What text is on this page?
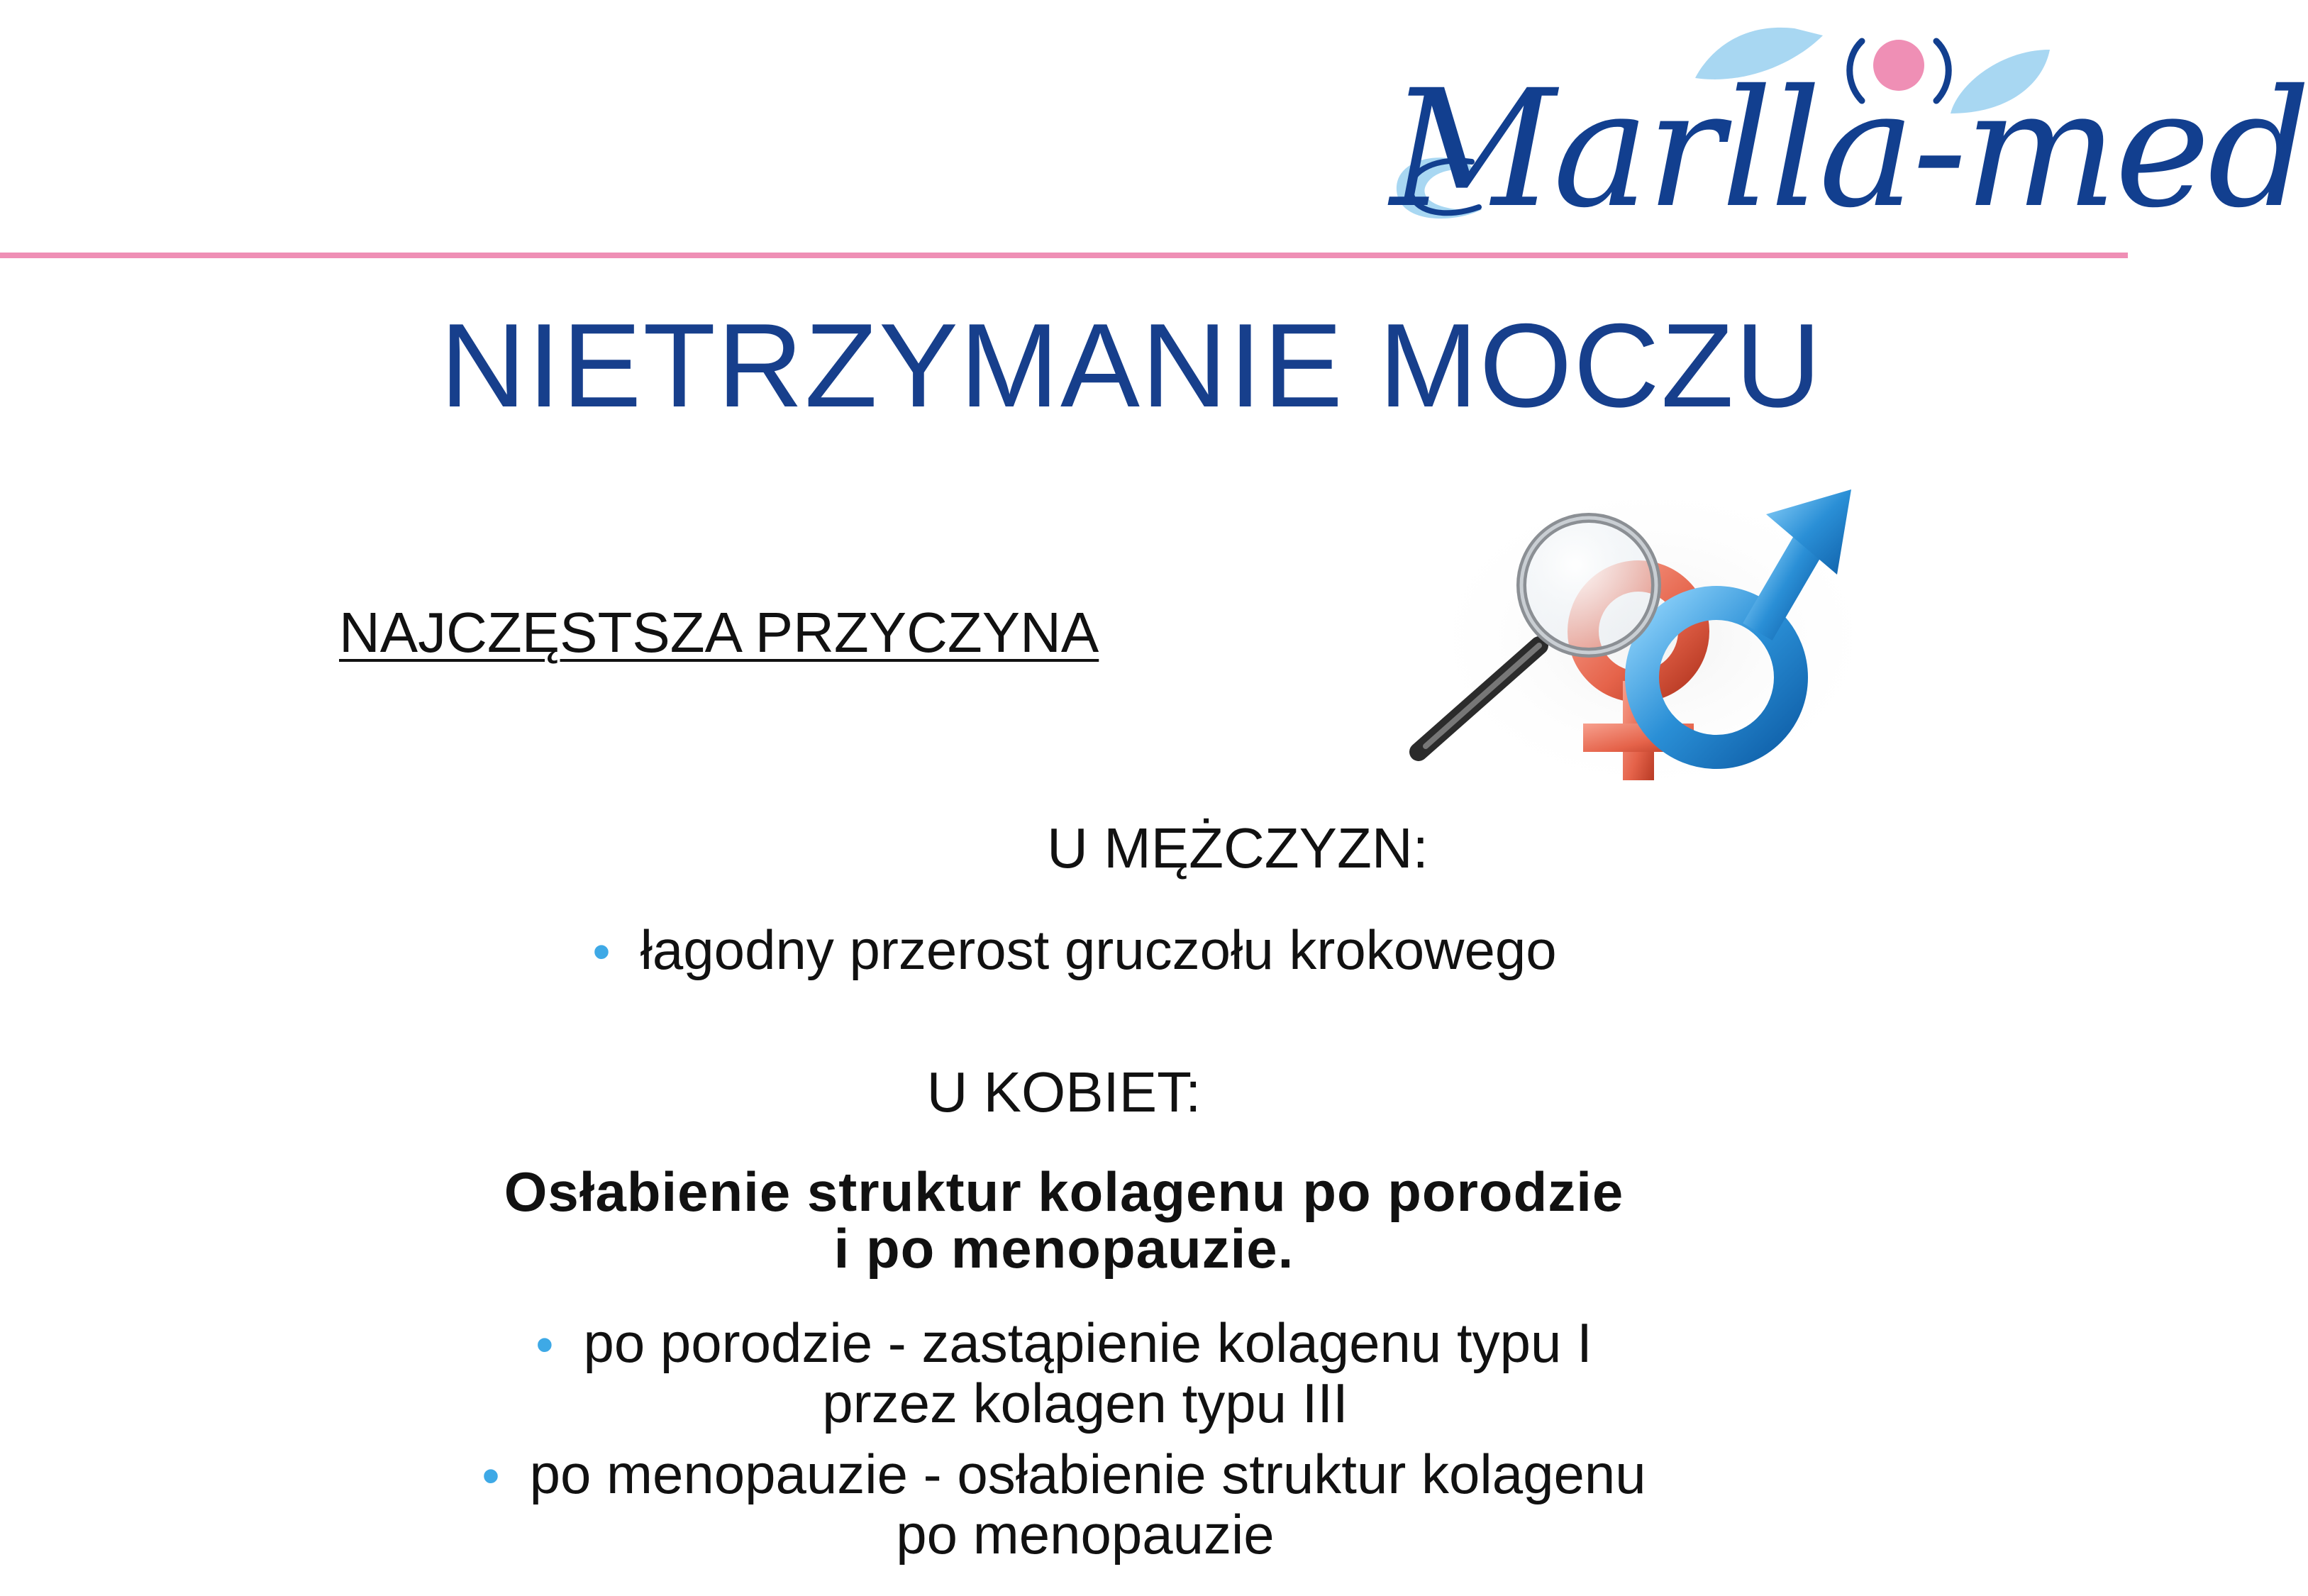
Marlla-med
NIETRZYMANIE MOCZU
NAJCZĘSTSZA PRZYCZYNA
U MĘŻCZYZN:
• łagodny przerost gruczołu krokowego
U KOBIET:
Osłabienie struktur kolagenu po porodzie
i po menopauzie.
• po porodzie - zastąpienie kolagenu typu I
przez kolagen typu III
• po menopauzie - osłabienie struktur kolagenu
po menopauzie
